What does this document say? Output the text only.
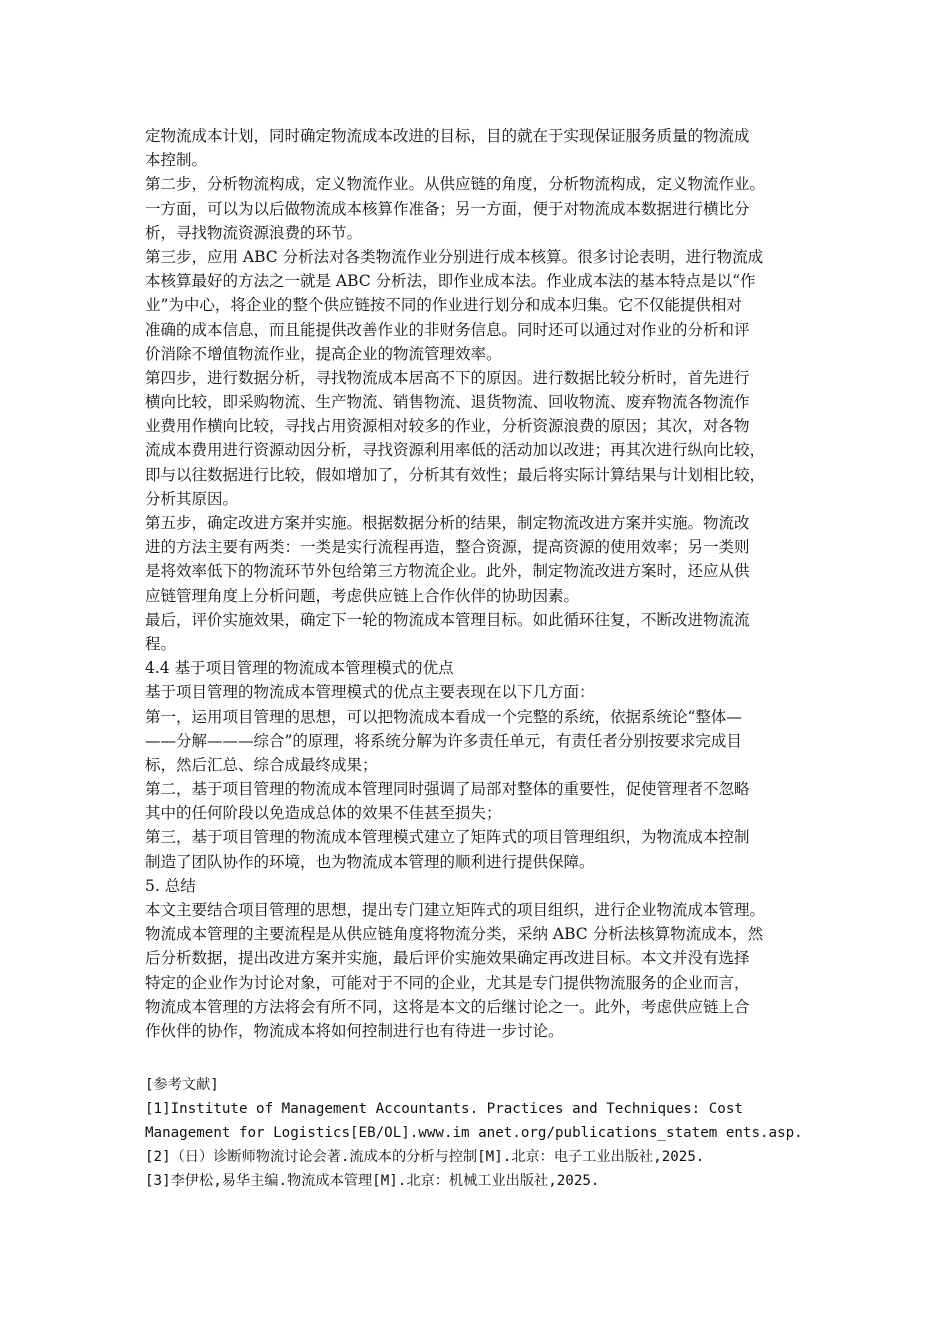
定物流成本计划，同时确定物流成本改进的目标，目的就在于实现保证服务质量的物流成
本控制。
第二步，分析物流构成，定义物流作业。从供应链的角度，分析物流构成，定义物流作业。
一方面，可以为以后做物流成本核算作准备；另一方面，便于对物流成本数据进行横比分
析，寻找物流资源浪费的环节。
第三步，应用 ABC 分析法对各类物流作业分别进行成本核算。很多讨论表明，进行物流成
本核算最好的方法之一就是 ABC 分析法，即作业成本法。作业成本法的基本特点是以“作
业”为中心，将企业的整个供应链按不同的作业进行划分和成本归集。它不仅能提供相对
准确的成本信息，而且能提供改善作业的非财务信息。同时还可以通过对作业的分析和评
价消除不增值物流作业，提高企业的物流管理效率。
第四步，进行数据分析，寻找物流成本居高不下的原因。进行数据比较分析时，首先进行
横向比较，即采购物流、生产物流、销售物流、退货物流、回收物流、废弃物流各物流作
业费用作横向比较，寻找占用资源相对较多的作业，分析资源浪费的原因；其次，对各物
流成本费用进行资源动因分析，寻找资源利用率低的活动加以改进；再其次进行纵向比较，
即与以往数据进行比较，假如增加了，分析其有效性；最后将实际计算结果与计划相比较，
分析其原因。
第五步，确定改进方案并实施。根据数据分析的结果，制定物流改进方案并实施。物流改
进的方法主要有两类：一类是实行流程再造，整合资源，提高资源的使用效率；另一类则
是将效率低下的物流环节外包给第三方物流企业。此外，制定物流改进方案时，还应从供
应链管理角度上分析问题，考虑供应链上合作伙伴的协助因素。
最后，评价实施效果，确定下一轮的物流成本管理目标。如此循环往复，不断改进物流流
程。
4.4 基于项目管理的物流成本管理模式的优点
基于项目管理的物流成本管理模式的优点主要表现在以下几方面：
第一，运用项目管理的思想，可以把物流成本看成一个完整的系统，依据系统论“整体—
——分解———综合”的原理，将系统分解为许多责任单元，有责任者分别按要求完成目
标，然后汇总、综合成最终成果；
第二，基于项目管理的物流成本管理同时强调了局部对整体的重要性，促使管理者不忽略
其中的任何阶段以免造成总体的效果不佳甚至损失；
第三，基于项目管理的物流成本管理模式建立了矩阵式的项目管理组织，为物流成本控制
制造了团队协作的环境，也为物流成本管理的顺利进行提供保障。
5. 总结
本文主要结合项目管理的思想，提出专门建立矩阵式的项目组织，进行企业物流成本管理。
物流成本管理的主要流程是从供应链角度将物流分类，采纳 ABC 分析法核算物流成本，然
后分析数据，提出改进方案并实施，最后评价实施效果确定再改进目标。本文并没有选择
特定的企业作为讨论对象，可能对于不同的企业，尤其是专门提供物流服务的企业而言，
物流成本管理的方法将会有所不同，这将是本文的后继讨论之一。此外，考虑供应链上合
作伙伴的协作，物流成本将如何控制进行也有待进一步讨论。
[参考文献]
[1]Institute of Management Accountants. Practices and Techniques: Cost
Management for Logistics[EB/OL].www.im anet.org/publications_statem ents.asp.
[2]（日）诊断师物流讨论会著.流成本的分析与控制[M].北京：电子工业出版社,2025.
[3]李伊松,易华主编.物流成本管理[M].北京：机械工业出版社,2025.
